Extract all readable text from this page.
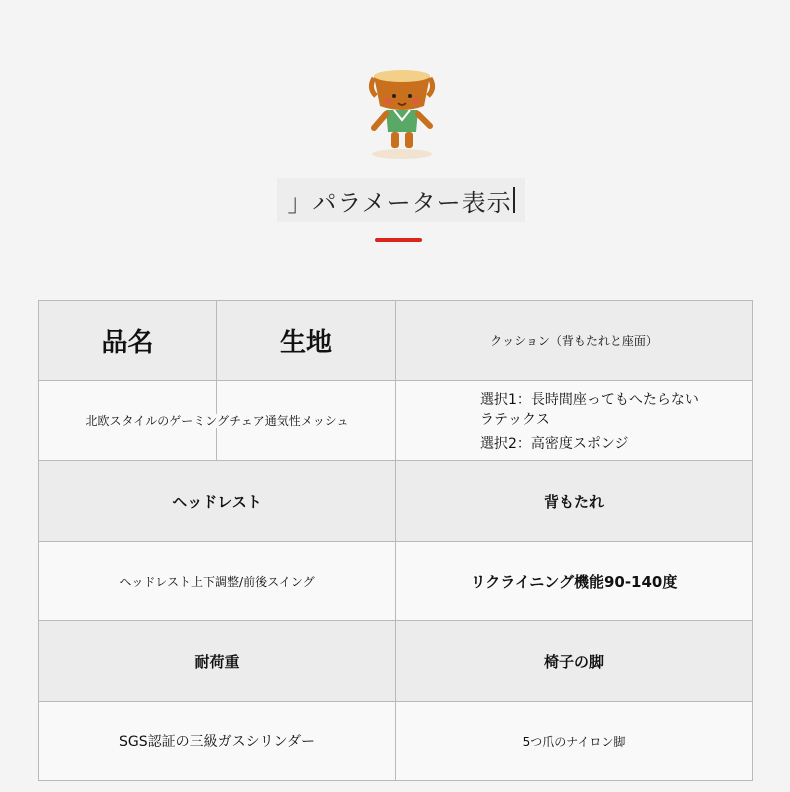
」パラメーター表示
品名	生地	クッション（背もたれと座面）

北欧スタイルのゲーミングチェア通気性メッシュ		選択1：長時間座ってもへたらない
ラテックス
選択2：高密度スポンジ

ヘッドレスト		背もたれ
ヘッドレスト上下調整/前後スイング		リクライニング機能90-140度
耐荷重		椅子の脚
SGS認証の三級ガスシリンダー		5つ爪のナイロン脚
